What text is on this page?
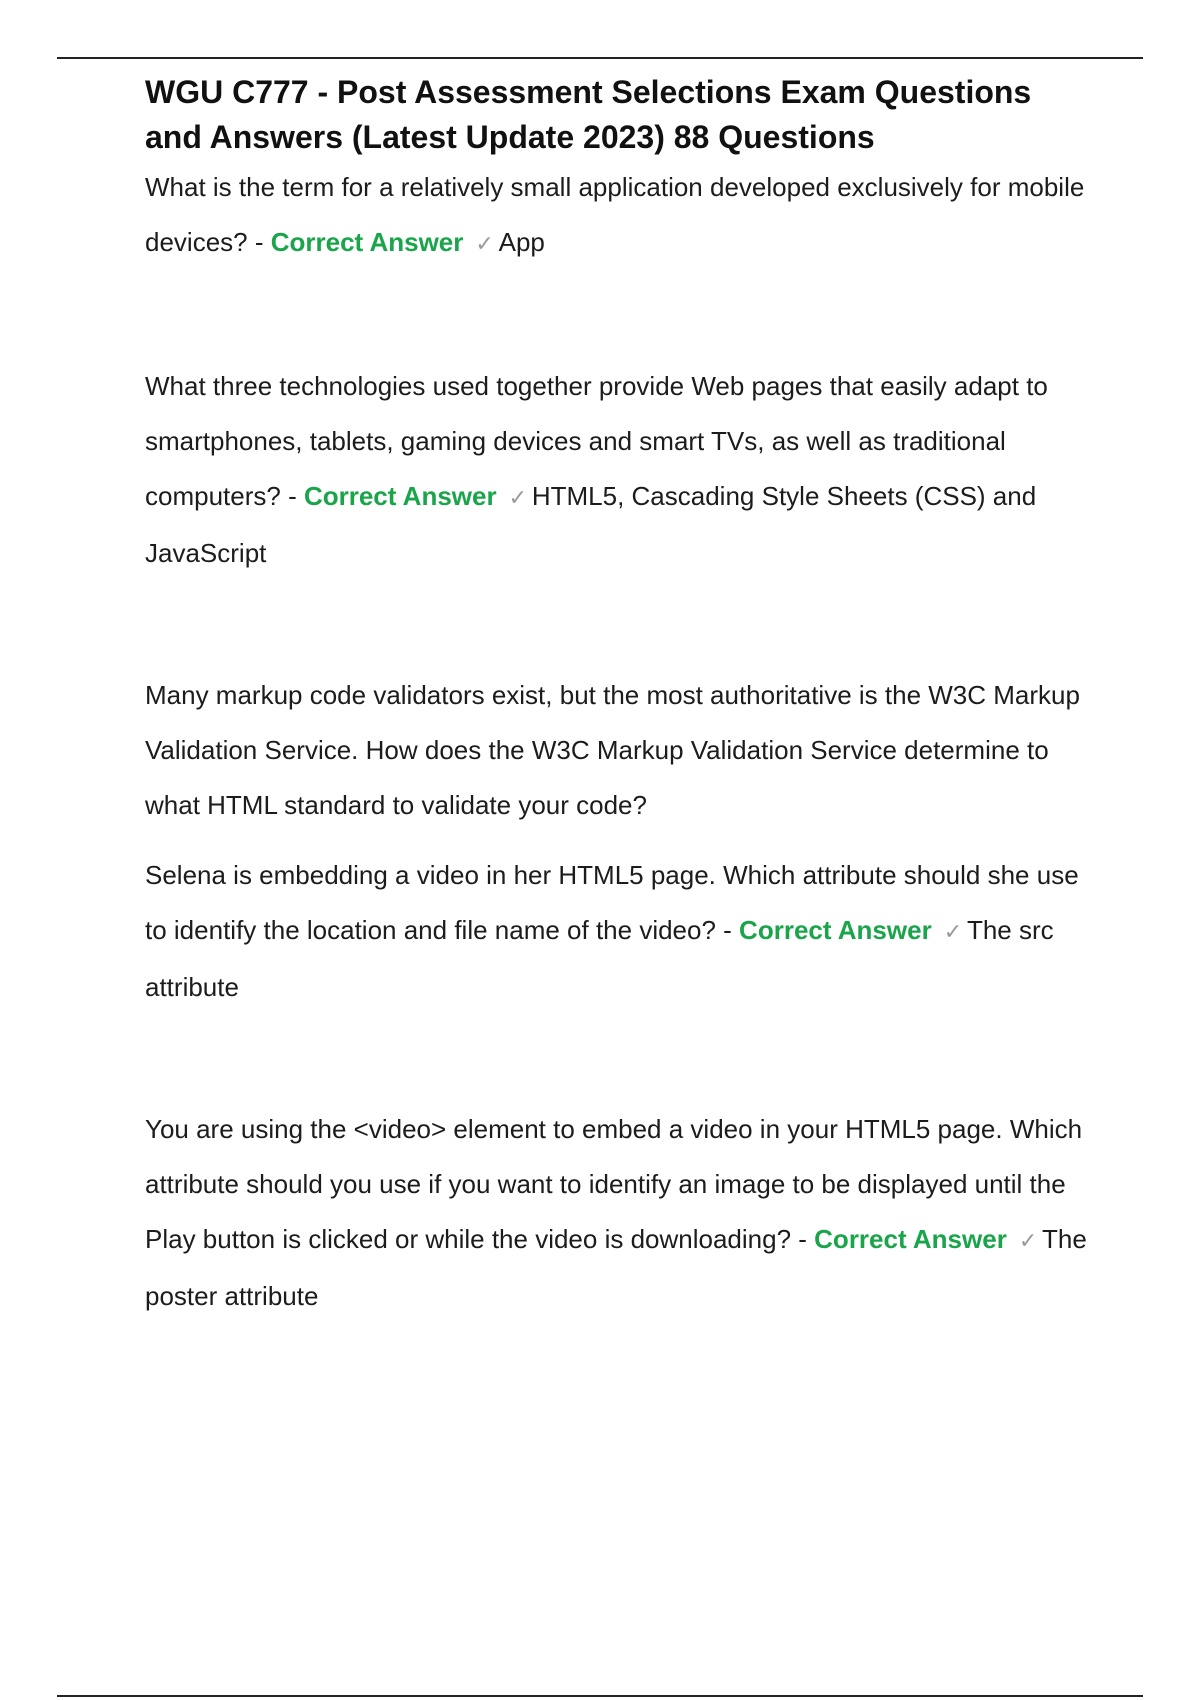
WGU C777 - Post Assessment Selections Exam Questions and Answers (Latest Update 2023) 88 Questions

What is the term for a relatively small application developed exclusively for mobile devices? - Correct Answer ✓ App

What three technologies used together provide Web pages that easily adapt to smartphones, tablets, gaming devices and smart TVs, as well as traditional computers? - Correct Answer ✓ HTML5, Cascading Style Sheets (CSS) and JavaScript

Many markup code validators exist, but the most authoritative is the W3C Markup Validation Service. How does the W3C Markup Validation Service determine to what HTML standard to validate your code?

Selena is embedding a video in her HTML5 page. Which attribute should she use to identify the location and file name of the video? - Correct Answer ✓ The src attribute

You are using the <video> element to embed a video in your HTML5 page. Which attribute should you use if you want to identify an image to be displayed until the Play button is clicked or while the video is downloading? - Correct Answer ✓ The poster attribute
